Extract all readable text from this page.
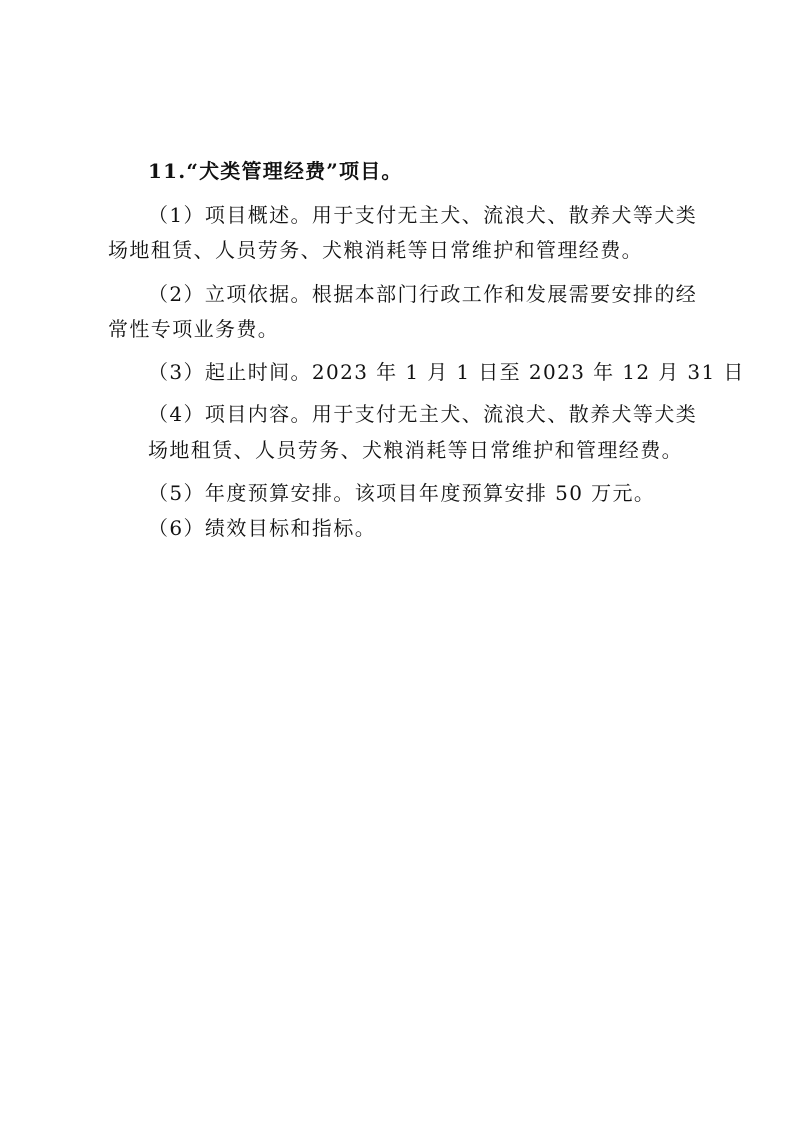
11.“犬类管理经费”项目。
（1）项目概述。用于支付无主犬、流浪犬、散养犬等犬类
场地租赁、人员劳务、犬粮消耗等日常维护和管理经费。
（2）立项依据。根据本部门行政工作和发展需要安排的经
常性专项业务费。
（3）起止时间。2023 年 1 月 1 日至 2023 年 12 月 31 日
（4）项目内容。用于支付无主犬、流浪犬、散养犬等犬类
场地租赁、人员劳务、犬粮消耗等日常维护和管理经费。
（5）年度预算安排。该项目年度预算安排 50 万元。
（6）绩效目标和指标。
